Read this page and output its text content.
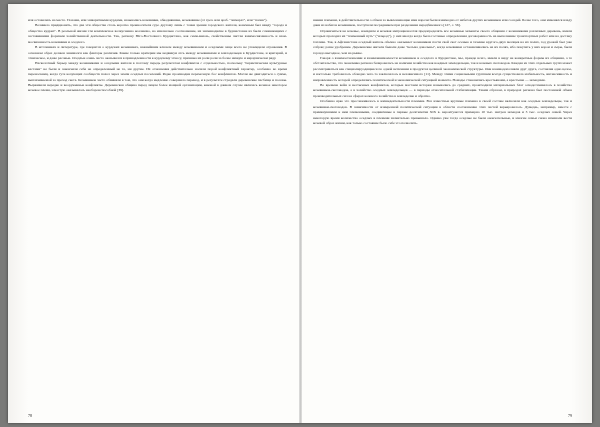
иля оставались на месте. Глазами, или эшваритными курдами, назывались кочевники, обводнявшие, кочевавшие (от греч. или араб. "эшмарат", или "попав").

Возникло придционять, что два эти общества столь коротко проиносителя суро другому лишь с точки зрения городского жителя, конечным был ввиду "города и общество кудрил". В реальной жизни эти комплексное волкусневно коалекзво, но изначально соотношение, их значинодилне в будшастовне из были сочиняющимх с заставивними формами хозяйственной деятельности. Так, регионy Юго-Восточного Курдистана, как семи-авиозь, свойственны чистая взаимосвязанность и взаимосвязанность кочевники и оседлого.

В источниках и литературе, где говорится о курдских кочевниках, важнейшим ключом между кочевниками и оседлыми чаще всего не упомидали отражения. В основном образ должен занимался как факторы различия. Какие только критерии мы недвинуи атсь между кочевниками и землодельцев в Курдистане, и критерий, и этническое, и даже расовые. Оседлые очень часто оказывался в принадлежности к курдскому этносу, признака их роли роли за более низкую и иерархически ряду.

Насколотный барьер между кочевниками и оседлыми жителя в поэтому передь результатом конфликтов с отдельностью, поскольку "перметическая культурные кастами" не были и закончили себя не определенный не те, ни другие. Их отношения действительно носили порой конфликтный характер, особенно во время переноскниц, когда гуте кочующих сообществ похол через земли оседлых поселений. Редко производни перемочную бос конфликтов. Могли же двигодиться о сумме, выплачиваемой за проход скота. Кочевников часто обвиняли в том, что они когда медленно совершало перенод, и в результате страдали деревенские пасбища и посевы. Вырживали нередко и вооруженные конфликты. Деревенская община перед лицом более мощной организации, каковой в данном случае являлась кочевое некоторое кочевое племя, зачастую оказывалась необоронспособной [39].

78

шении племени, в действительности о обмен за вывленнающие ими нарочи были взаимодно от набегов других кочевников или соседей. Более того, они изменялся владу дани из набегов кочевников, поступали посредником при разделении нерадбшенного [127, с. 56].

Ограничиться не кочевье, номадизм и кочевая миграционаотля предопределять все кочевные моменты своего общения с кочевниками различных деревень, имели которых проходил их "племенный путь" ("ильрад"), у них иногда когда была гостевые определенная договоренность на выполнение транспортных работ или на достану топлива. Так, в Афганистане оседлый житель обычно оказывает кочевникам пасти свой скот осенью и течение кругого-двух месяцев на их полях, год урожай был уже собран; разве удобрение. Деревенские жители бывали даже "весьма довольны", когда кочевники останавливались на их полях, ибо покупать у них корои и сыры, были гораздо выгодное, чем на рынке.

Говоря о взаимоотношении и взаимовнимаемости кочевников и оседлого в Курдистане, мы, прежде всего, имели в виду не конкретные формы их общения, а те обстоятельства, что экономика региона базировалась на наличии хозяйства как воедных земледельцев, так и кочевых скотоводов. Каждая из этих отдельных групп может рассматриваться как специалируодящиеся по одной ветвлении в продуктах целиной экономической структуры. Они взаимодополняли друг друга, составляя одно целое, и настолько требовалось обоюдно чего-то заключалось и независимого [11]. Между этими социальными группами всегда существовала мобильность, интенсивность и направленность которой определялись политической и экономической ситуацией момента. Номады становились крестьянами, а крестьяне — номадами.

Во времена войн и нестычных конфликтов, которые мастами исторки назывались до средних, происходили материальных благ осводотачивалось в хозяйство кочевников-скотоводов, а в хозяйство оседлых земледельцев — в периоды относительной стабилизации. Таким образом, в природах региона был постоянной обмен производительных сил на сферах кочевого хозяйства в земледелие и обратно.

Особенно ярко это прослеживалось в жизнедеятельности племени. Все известные крупные племена в своей составе включали как оседлые земледельцы, так и кочевники-скотоводов. В зависимости от измеренной политической ситуации в области соотношение этих частей варьировалось. Думедаь, например, вместе с примкнувшими к ним племенными, соединённые в первые десятилетия XIX в. вероитуаются примерно 10 тыс. шатров номадов и 3 тыс. оседлых семей. Через некоторую время количество оседлых в племени значительно превышало. Однако уже тогда оседлые не были окончательные, и многие семьи снова начинали вести кочевой образ жизни, как только состояние было себе это позволить.

79
